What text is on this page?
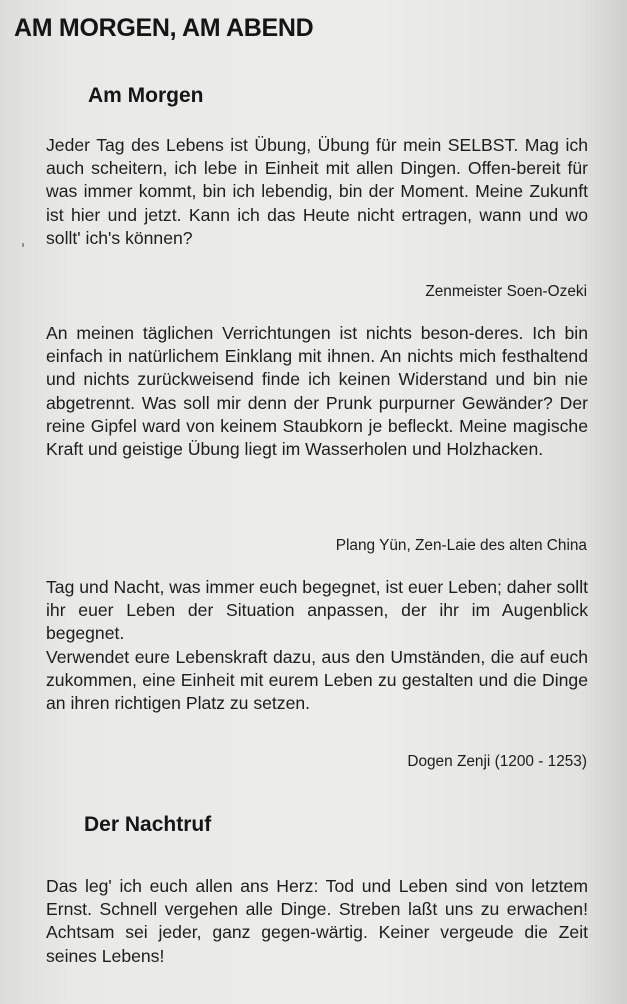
AM MORGEN, AM ABEND
Am Morgen

Jeder Tag des Lebens ist Übung, Übung für mein SELBST. Mag ich auch scheitern, ich lebe in Einheit mit allen Dingen. Offen-bereit für was immer kommt, bin ich lebendig, bin der Moment. Meine Zukunft ist hier und jetzt. Kann ich das Heute nicht ertragen, wann und wo sollt' ich's können?

Zenmeister Soen-Ozeki

An meinen täglichen Verrichtungen ist nichts beson-deres. Ich bin einfach in natürlichem Einklang mit ihnen. An nichts mich festhaltend und nichts zurückweisend finde ich keinen Widerstand und bin nie abgetrennt. Was soll mir denn der Prunk purpurner Gewänder? Der reine Gipfel ward von keinem Staubkorn je befleckt. Meine magische Kraft und geistige Übung liegt im Wasserholen und Holzhacken.

Plang Yün, Zen-Laie des alten China

Tag und Nacht, was immer euch begegnet, ist euer Leben; daher sollt ihr euer Leben der Situation anpassen, der ihr im Augenblick begegnet.

Verwendet eure Lebenskraft dazu, aus den Umständen, die auf euch zukommen, eine Einheit mit eurem Leben zu gestalten und die Dinge an ihren richtigen Platz zu setzen.

Dogen Zenji (1200 - 1253)

Der Nachtruf

Das leg' ich euch allen ans Herz: Tod und Leben sind von letztem Ernst. Schnell vergehen alle Dinge. Streben laßt uns zu erwachen! Achtsam sei jeder, ganz gegen-wärtig. Keiner vergeude die Zeit seines Lebens!
